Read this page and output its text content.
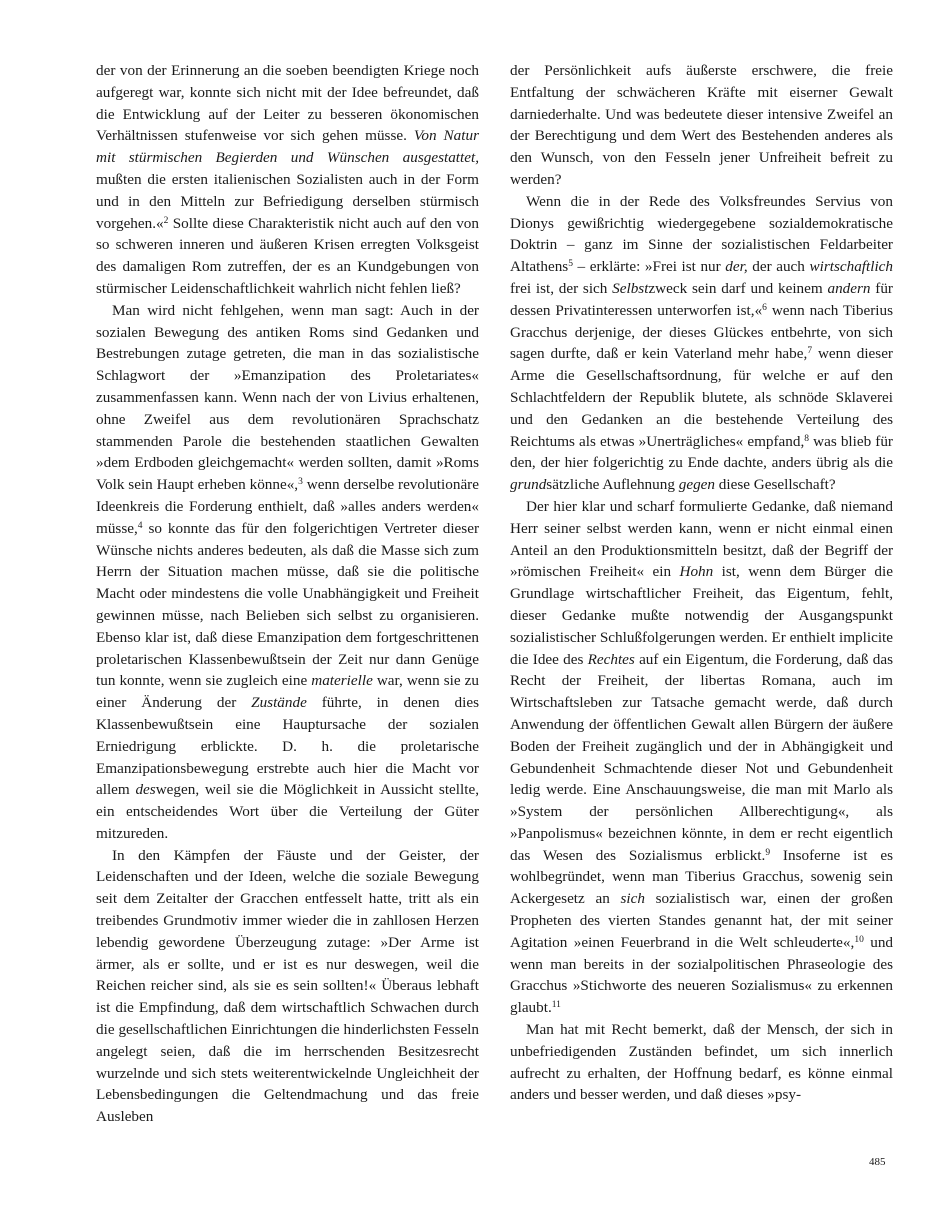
der von der Erinnerung an die soeben beendigten Kriege noch aufgeregt war, konnte sich nicht mit der Idee befreundet, daß die Entwicklung auf der Leiter zu besseren ökonomischen Verhältnissen stufenweise vor sich gehen müsse. Von Natur mit stürmischen Begierden und Wünschen ausgestattet, mußten die ersten italienischen Sozialisten auch in der Form und in den Mitteln zur Befriedigung derselben stürmisch vorgehen.«$^2$ Sollte diese Charakteristik nicht auch auf den von so schweren inneren und äußeren Krisen erregten Volksgeist des damaligen Rom zutreffen, der es an Kundgebungen von stürmischer Leidenschaftlichkeit wahrlich nicht fehlen ließ?

Man wird nicht fehlgehen, wenn man sagt: Auch in der sozialen Bewegung des antiken Roms sind Gedanken und Bestrebungen zutage getreten, die man in das sozialistische Schlagwort der »Emanzipation des Proletariates« zusammenfassen kann. Wenn nach der von Livius erhaltenen, ohne Zweifel aus dem revolutionären Sprachschatz stammenden Parole die bestehenden staatlichen Gewalten »dem Erdboden gleichgemacht« werden sollten, damit »Roms Volk sein Haupt erheben könne«,$^3$ wenn derselbe revolutionäre Ideenkreis die Forderung enthielt, daß »alles anders werden« müsse,$^4$ so konnte das für den folgerichtigen Vertreter dieser Wünsche nichts anderes bedeuten, als daß die Masse sich zum Herrn der Situation machen müsse, daß sie die politische Macht oder mindestens die volle Unabhängigkeit und Freiheit gewinnen müsse, nach Belieben sich selbst zu organisieren. Ebenso klar ist, daß diese Emanzipation dem fortgeschrittenen proletarischen Klassenbewußtsein der Zeit nur dann Genüge tun konnte, wenn sie zugleich eine materielle war, wenn sie zu einer Änderung der Zustände führte, in denen dies Klassenbewußtsein eine Hauptursache der sozialen Erniedrigung erblickte. D. h. die proletarische Emanzipationsbewegung erstrebte auch hier die Macht vor allem deswegen, weil sie die Möglichkeit in Aussicht stellte, ein entscheidendes Wort über die Verteilung der Güter mitzureden.

In den Kämpfen der Fäuste und der Geister, der Leidenschaften und der Ideen, welche die soziale Bewegung seit dem Zeitalter der Gracchen entfesselt hatte, tritt als ein treibendes Grundmotiv immer wieder die in zahllosen Herzen lebendig gewordene Überzeugung zutage: »Der Arme ist ärmer, als er sollte, und er ist es nur deswegen, weil die Reichen reicher sind, als sie es sein sollten!« Überaus lebhaft ist die Empfindung, daß dem wirtschaftlich Schwachen durch die gesellschaftlichen Einrichtungen die hinderlichsten Fesseln angelegt seien, daß die im herrschenden Besitzesrecht wurzelnde und sich stets weiterentwickelnde Ungleichheit der Lebensbedingungen die Geltendmachung und das freie Ausleben

der Persönlichkeit aufs äußerste erschwere, die freie Entfaltung der schwächeren Kräfte mit eiserner Gewalt darniederhalte. Und was bedeutete dieser intensive Zweifel an der Berechtigung und dem Wert des Bestehenden anderes als den Wunsch, von den Fesseln jener Unfreiheit befreit zu werden?

Wenn die in der Rede des Volksfreundes Servius von Dionys gewißrichtig wiedergegebene sozialdemokratische Doktrin – ganz im Sinne der sozialistischen Feldarbeiter Altathens$^5$ – erklärte: »Frei ist nur der, der auch wirtschaftlich frei ist, der sich Selbstzweck sein darf und keinem andern für dessen Privatinteressen unterworfen ist,«$^6$ wenn nach Tiberius Gracchus derjenige, der dieses Glückes entbehrte, von sich sagen durfte, daß er kein Vaterland mehr habe,$^7$ wenn dieser Arme die Gesellschaftsordnung, für welche er auf den Schlachtfeldern der Republik blutete, als schnöde Sklaverei und den Gedanken an die bestehende Verteilung des Reichtums als etwas »Unerträgliches« empfand,$^8$ was blieb für den, der hier folgerichtig zu Ende dachte, anders übrig als die grundsätzliche Auflehnung gegen diese Gesellschaft?

Der hier klar und scharf formulierte Gedanke, daß niemand Herr seiner selbst werden kann, wenn er nicht einmal einen Anteil an den Produktionsmitteln besitzt, daß der Begriff der »römischen Freiheit« ein Hohn ist, wenn dem Bürger die Grundlage wirtschaftlicher Freiheit, das Eigentum, fehlt, dieser Gedanke mußte notwendig der Ausgangspunkt sozialistischer Schlußfolgerungen werden. Er enthielt implicite die Idee des Rechtes auf ein Eigentum, die Forderung, daß das Recht der Freiheit, der libertas Romana, auch im Wirtschaftsleben zur Tatsache gemacht werde, daß durch Anwendung der öffentlichen Gewalt allen Bürgern der äußere Boden der Freiheit zugänglich und der in Abhängigkeit und Gebundenheit Schmachtende dieser Not und Gebundenheit ledig werde. Eine Anschauungsweise, die man mit Marlo als »System der persönlichen Allberechtigung«, als »Panpolismus« bezeichnen könnte, in dem er recht eigentlich das Wesen des Sozialismus erblickt.$^9$ Insoferne ist es wohlbegründet, wenn man Tiberius Gracchus, sowenig sein Ackergesetz an sich sozialistisch war, einen der großen Propheten des vierten Standes genannt hat, der mit seiner Agitation »einen Feuerbrand in die Welt schleuderte«,$^{10}$ und wenn man bereits in der sozialpolitischen Phraseologie des Gracchus »Stichworte des neueren Sozialismus« zu erkennen glaubt.$^{11}$

Man hat mit Recht bemerkt, daß der Mensch, der sich in unbefriedigenden Zuständen befindet, um sich innerlich aufrecht zu erhalten, der Hoffnung bedarf, es könne einmal anders und besser werden, und daß dieses »psy-

485
